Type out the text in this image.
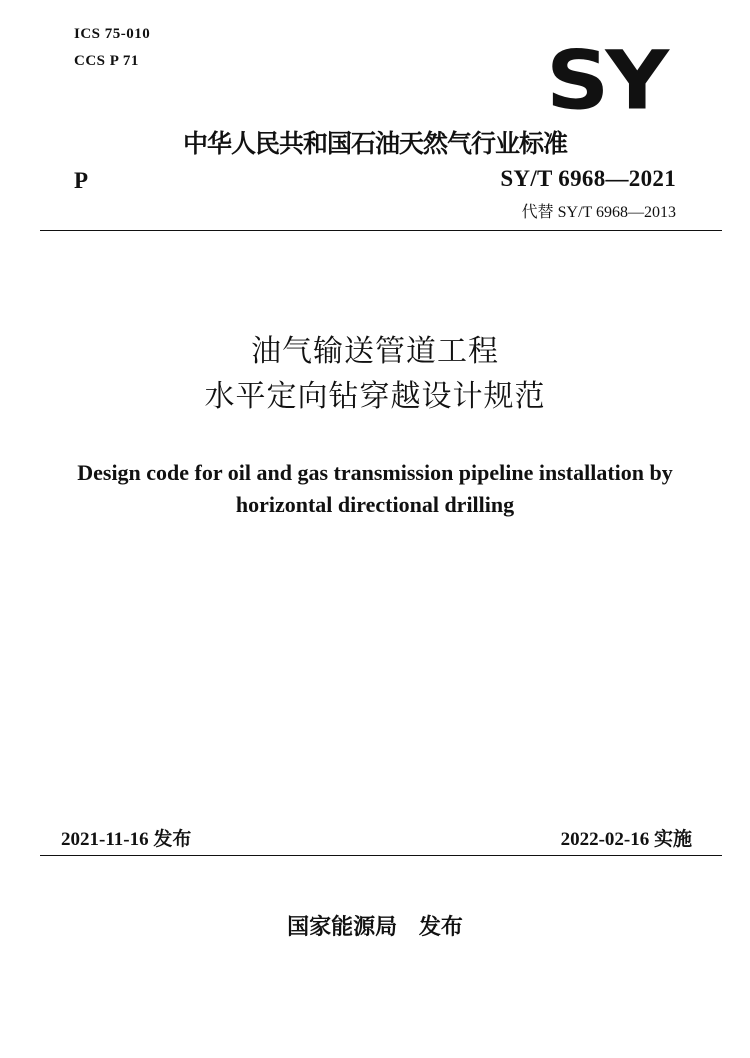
ICS 75-010
CCS P 71	SY
中华人民共和国石油天然气行业标准
P	SY/T 6968—2021
代替 SY/T 6968—2013
油气输送管道工程
水平定向钻穿越设计规范
Design code for oil and gas transmission pipeline installation by
horizontal directional drilling
2021-11-16 发布	2022-02-16 实施
国家能源局 发布
